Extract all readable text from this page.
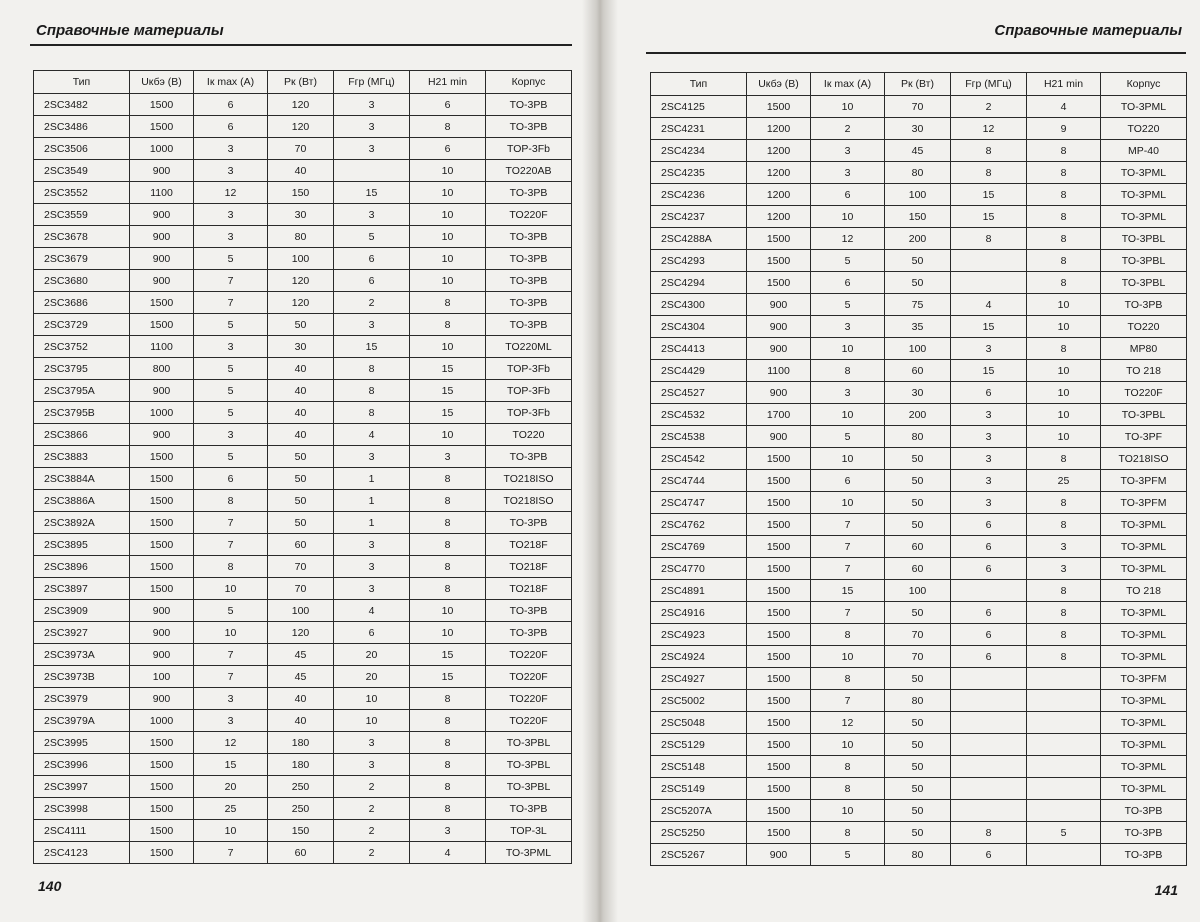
Справочные материалы
Тип	Uкбэ (В)	Iк max (А)	Рк (Вт)	Fгр (МГц)	H21 min	Корпус
2SC3482	1500	6	120	3	6	TO-3PB
2SC3486	1500	6	120	3	8	TO-3PB
2SC3506	1000	3	70	3	6	TOP-3Fb
2SC3549	900	3	40		10	TO220AB
2SC3552	1100	12	150	15	10	TO-3PB
2SC3559	900	3	30	3	10	TO220F
2SC3678	900	3	80	5	10	TO-3PB
2SC3679	900	5	100	6	10	TO-3PB
2SC3680	900	7	120	6	10	TO-3PB
2SC3686	1500	7	120	2	8	TO-3PB
2SC3729	1500	5	50	3	8	TO-3PB
2SC3752	1100	3	30	15	10	TO220ML
2SC3795	800	5	40	8	15	TOP-3Fb
2SC3795A	900	5	40	8	15	TOP-3Fb
2SC3795B	1000	5	40	8	15	TOP-3Fb
2SC3866	900	3	40	4	10	TO220
2SC3883	1500	5	50	3	3	TO-3PB
2SC3884A	1500	6	50	1	8	TO218ISO
2SC3886A	1500	8	50	1	8	TO218ISO
2SC3892A	1500	7	50	1	8	TO-3PB
2SC3895	1500	7	60	3	8	TO218F
2SC3896	1500	8	70	3	8	TO218F
2SC3897	1500	10	70	3	8	TO218F
2SC3909	900	5	100	4	10	TO-3PB
2SC3927	900	10	120	6	10	TO-3PB
2SC3973A	900	7	45	20	15	TO220F
2SC3973B	100	7	45	20	15	TO220F
2SC3979	900	3	40	10	8	TO220F
2SC3979A	1000	3	40	10	8	TO220F
2SC3995	1500	12	180	3	8	TO-3PBL
2SC3996	1500	15	180	3	8	TO-3PBL
2SC3997	1500	20	250	2	8	TO-3PBL
2SC3998	1500	25	250	2	8	TO-3PB
2SC4111	1500	10	150	2	3	TOP-3L
2SC4123	1500	7	60	2	4	TO-3PML
140
Справочные материалы
Тип	Uкбэ (В)	Iк max (А)	Рк (Вт)	Fгр (МГц)	H21 min	Корпус
2SC4125	1500	10	70	2	4	TO-3PML
2SC4231	1200	2	30	12	9	TO220
2SC4234	1200	3	45	8	8	MP-40
2SC4235	1200	3	80	8	8	TO-3PML
2SC4236	1200	6	100	15	8	TO-3PML
2SC4237	1200	10	150	15	8	TO-3PML
2SC4288A	1500	12	200	8	8	TO-3PBL
2SC4293	1500	5	50		8	TO-3PBL
2SC4294	1500	6	50		8	TO-3PBL
2SC4300	900	5	75	4	10	TO-3PB
2SC4304	900	3	35	15	10	TO220
2SC4413	900	10	100	3	8	MP80
2SC4429	1100	8	60	15	10	TO 218
2SC4527	900	3	30	6	10	TO220F
2SC4532	1700	10	200	3	10	TO-3PBL
2SC4538	900	5	80	3	10	TO-3PF
2SC4542	1500	10	50	3	8	TO218ISO
2SC4744	1500	6	50	3	25	TO-3PFM
2SC4747	1500	10	50	3	8	TO-3PFM
2SC4762	1500	7	50	6	8	TO-3PML
2SC4769	1500	7	60	6	3	TO-3PML
2SC4770	1500	7	60	6	3	TO-3PML
2SC4891	1500	15	100		8	TO 218
2SC4916	1500	7	50	6	8	TO-3PML
2SC4923	1500	8	70	6	8	TO-3PML
2SC4924	1500	10	70	6	8	TO-3PML
2SC4927	1500	8	50			TO-3PFM
2SC5002	1500	7	80			TO-3PML
2SC5048	1500	12	50			TO-3PML
2SC5129	1500	10	50			TO-3PML
2SC5148	1500	8	50			TO-3PML
2SC5149	1500	8	50			TO-3PML
2SC5207A	1500	10	50			TO-3PB
2SC5250	1500	8	50	8	5	TO-3PB
2SC5267	900	5	80	6		TO-3PB
141
